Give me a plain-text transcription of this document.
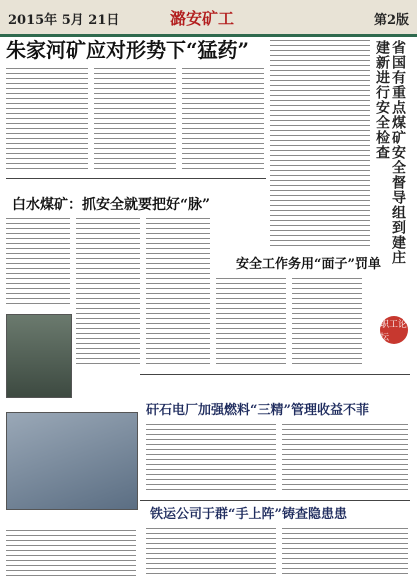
2015年 5月 21日	潞安矿工	第2版
朱家河矿应对形势下“猛药”	省国有重点煤矿安全督导组到建庄建新进行安全检查
白水煤矿：抓安全就要把好“脉”
安全工作务用“面子”罚单
职工论坛
矸石电厂加强燃料“三精”管理收益不菲
铁运公司于群“手上阵”铸查隐患患
